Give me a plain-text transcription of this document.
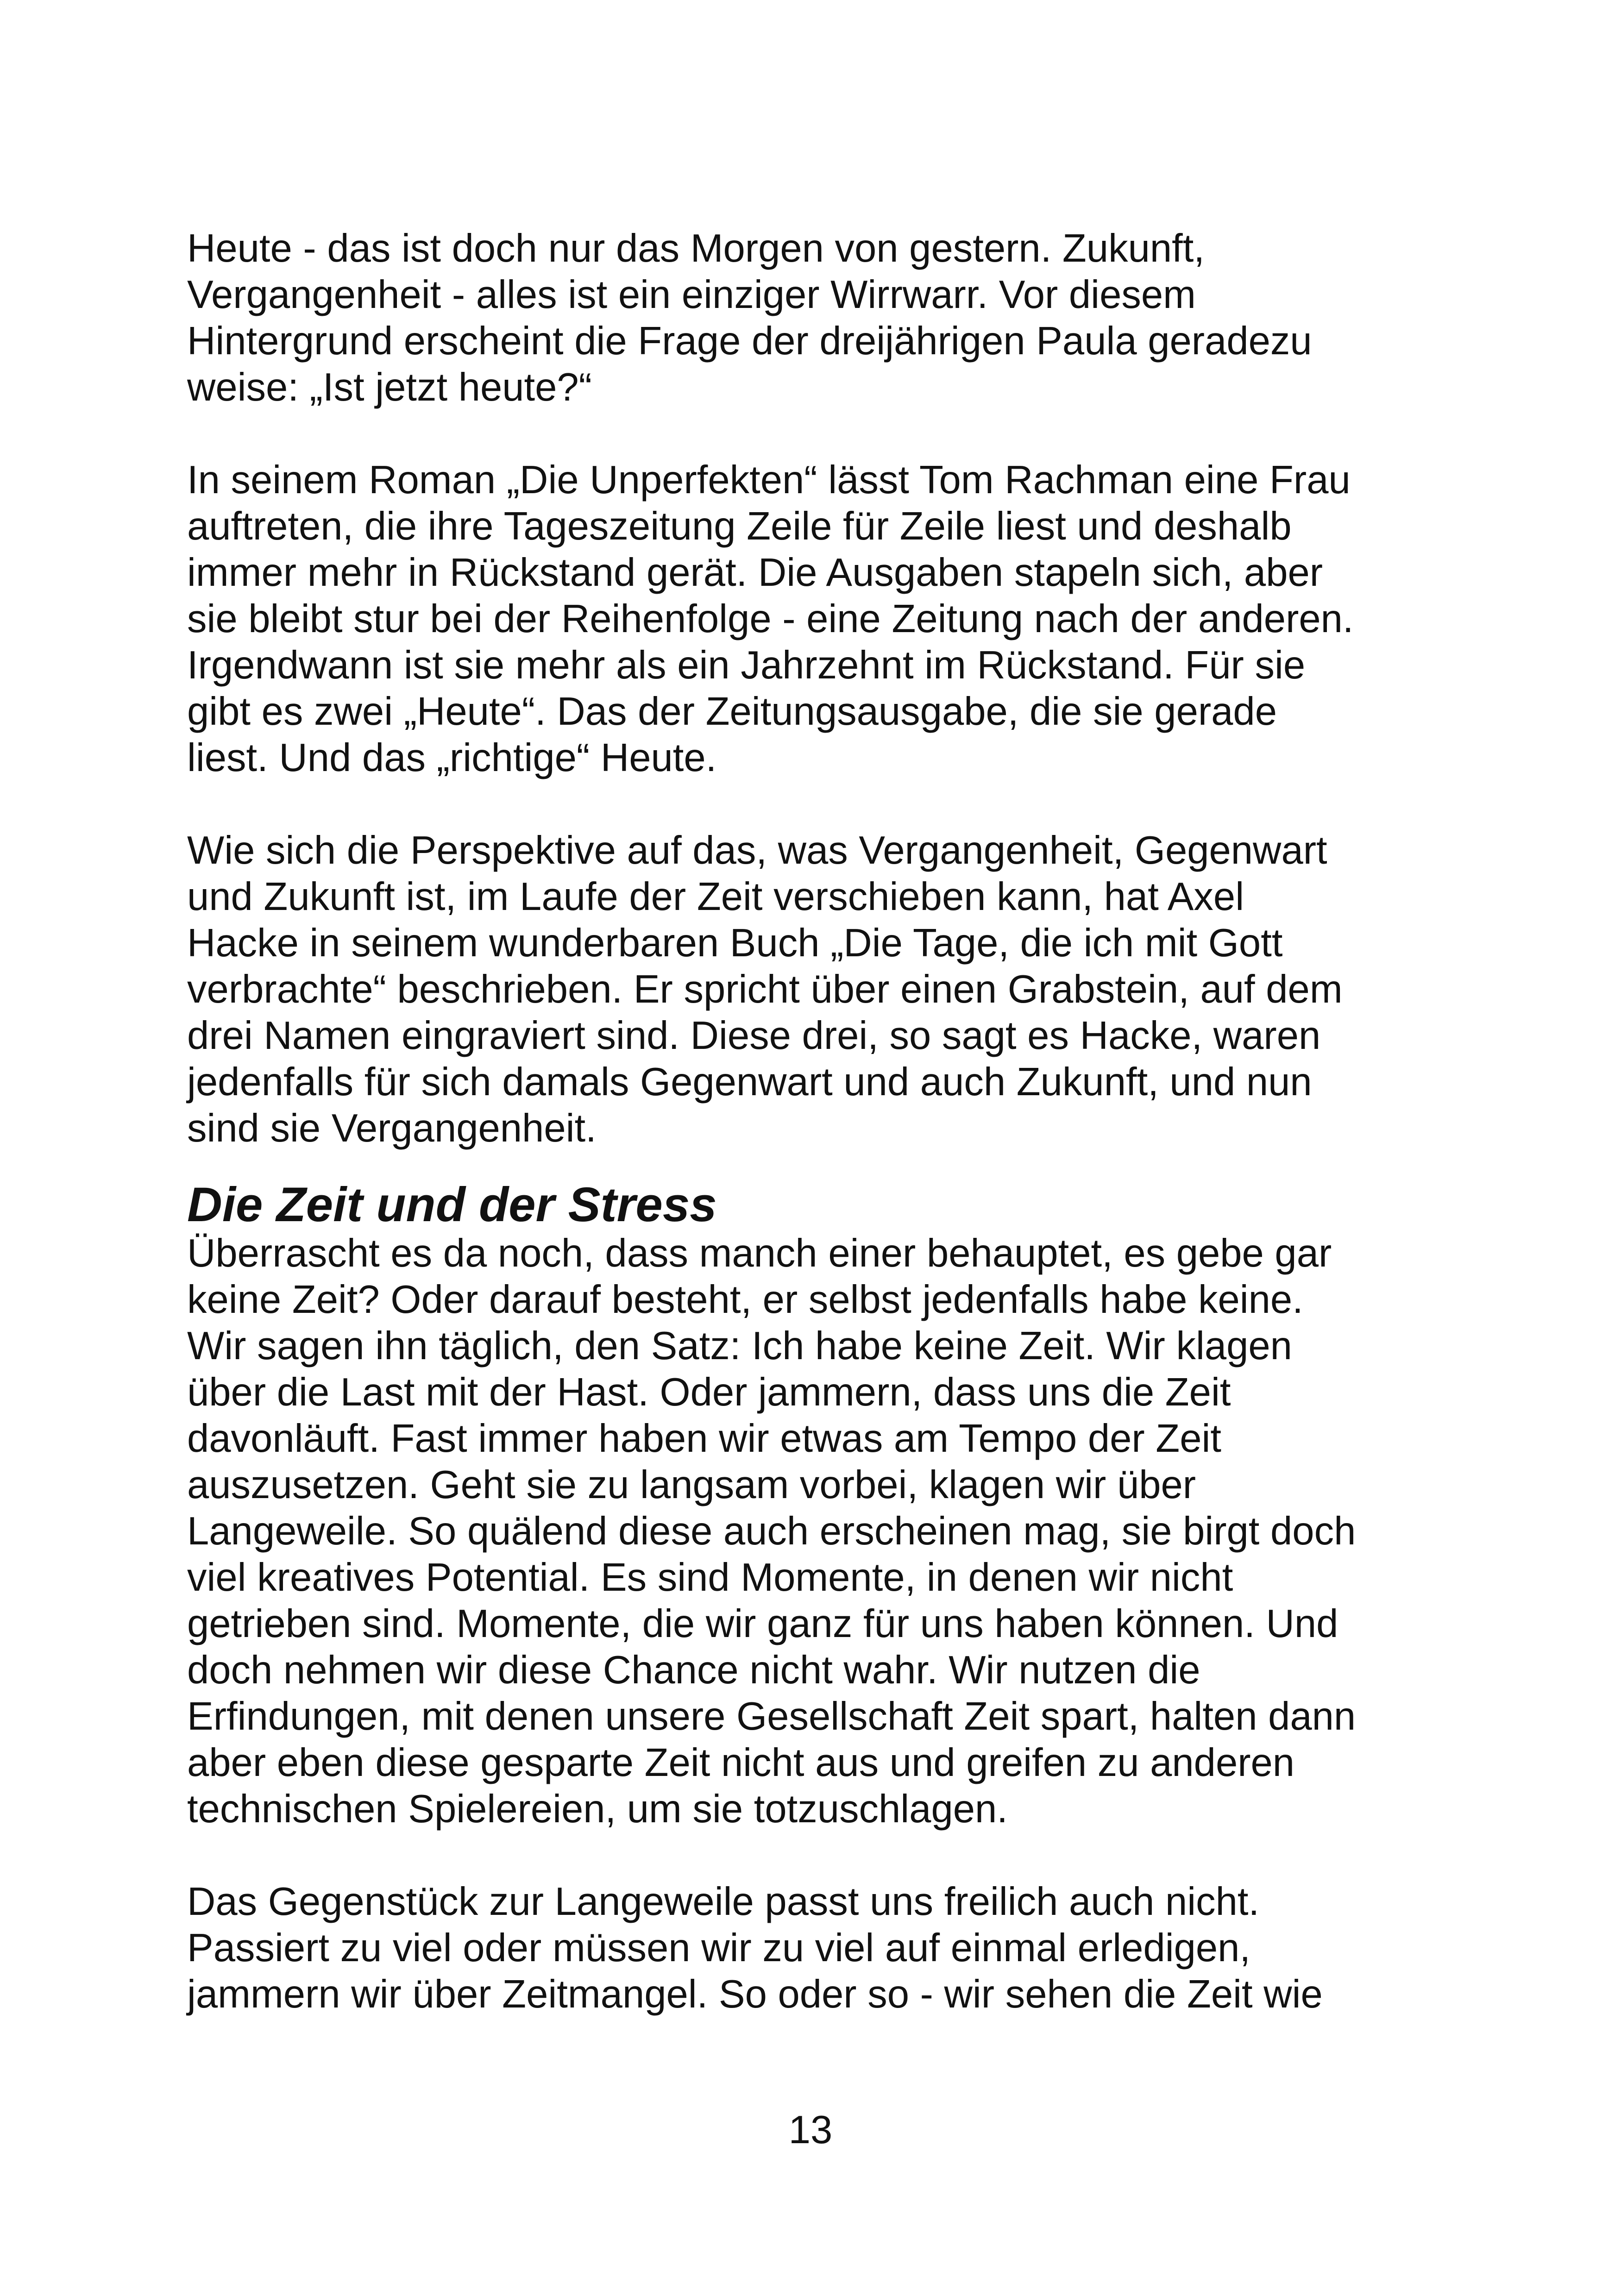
Heute - das ist doch nur das Morgen von gestern. Zukunft,
Vergangenheit - alles ist ein einziger Wirrwarr. Vor diesem
Hintergrund erscheint die Frage der dreijährigen Paula geradezu
weise: „Ist jetzt heute?“
In seinem Roman „Die Unperfekten“ lässt Tom Rachman eine Frau
auftreten, die ihre Tageszeitung Zeile für Zeile liest und deshalb
immer mehr in Rückstand gerät. Die Ausgaben stapeln sich, aber
sie bleibt stur bei der Reihenfolge - eine Zeitung nach der anderen.
Irgendwann ist sie mehr als ein Jahrzehnt im Rückstand. Für sie
gibt es zwei „Heute“. Das der Zeitungsausgabe, die sie gerade
liest. Und das „richtige“ Heute.
Wie sich die Perspektive auf das, was Vergangenheit, Gegenwart
und Zukunft ist, im Laufe der Zeit verschieben kann, hat Axel
Hacke in seinem wunderbaren Buch „Die Tage, die ich mit Gott
verbrachte“ beschrieben. Er spricht über einen Grabstein, auf dem
drei Namen eingraviert sind. Diese drei, so sagt es Hacke, waren
jedenfalls für sich damals Gegenwart und auch Zukunft, und nun
sind sie Vergangenheit.
Die Zeit und der Stress
Überrascht es da noch, dass manch einer behauptet, es gebe gar
keine Zeit? Oder darauf besteht, er selbst jedenfalls habe keine.
Wir sagen ihn täglich, den Satz: Ich habe keine Zeit. Wir klagen
über die Last mit der Hast. Oder jammern, dass uns die Zeit
davonläuft. Fast immer haben wir etwas am Tempo der Zeit
auszusetzen. Geht sie zu langsam vorbei, klagen wir über
Langeweile. So quälend diese auch erscheinen mag, sie birgt doch
viel kreatives Potential. Es sind Momente, in denen wir nicht
getrieben sind. Momente, die wir ganz für uns haben können. Und
doch nehmen wir diese Chance nicht wahr. Wir nutzen die
Erfindungen, mit denen unsere Gesellschaft Zeit spart, halten dann
aber eben diese gesparte Zeit nicht aus und greifen zu anderen
technischen Spielereien, um sie totzuschlagen.
Das Gegenstück zur Langeweile passt uns freilich auch nicht.
Passiert zu viel oder müssen wir zu viel auf einmal erledigen,
jammern wir über Zeitmangel. So oder so - wir sehen die Zeit wie
13
